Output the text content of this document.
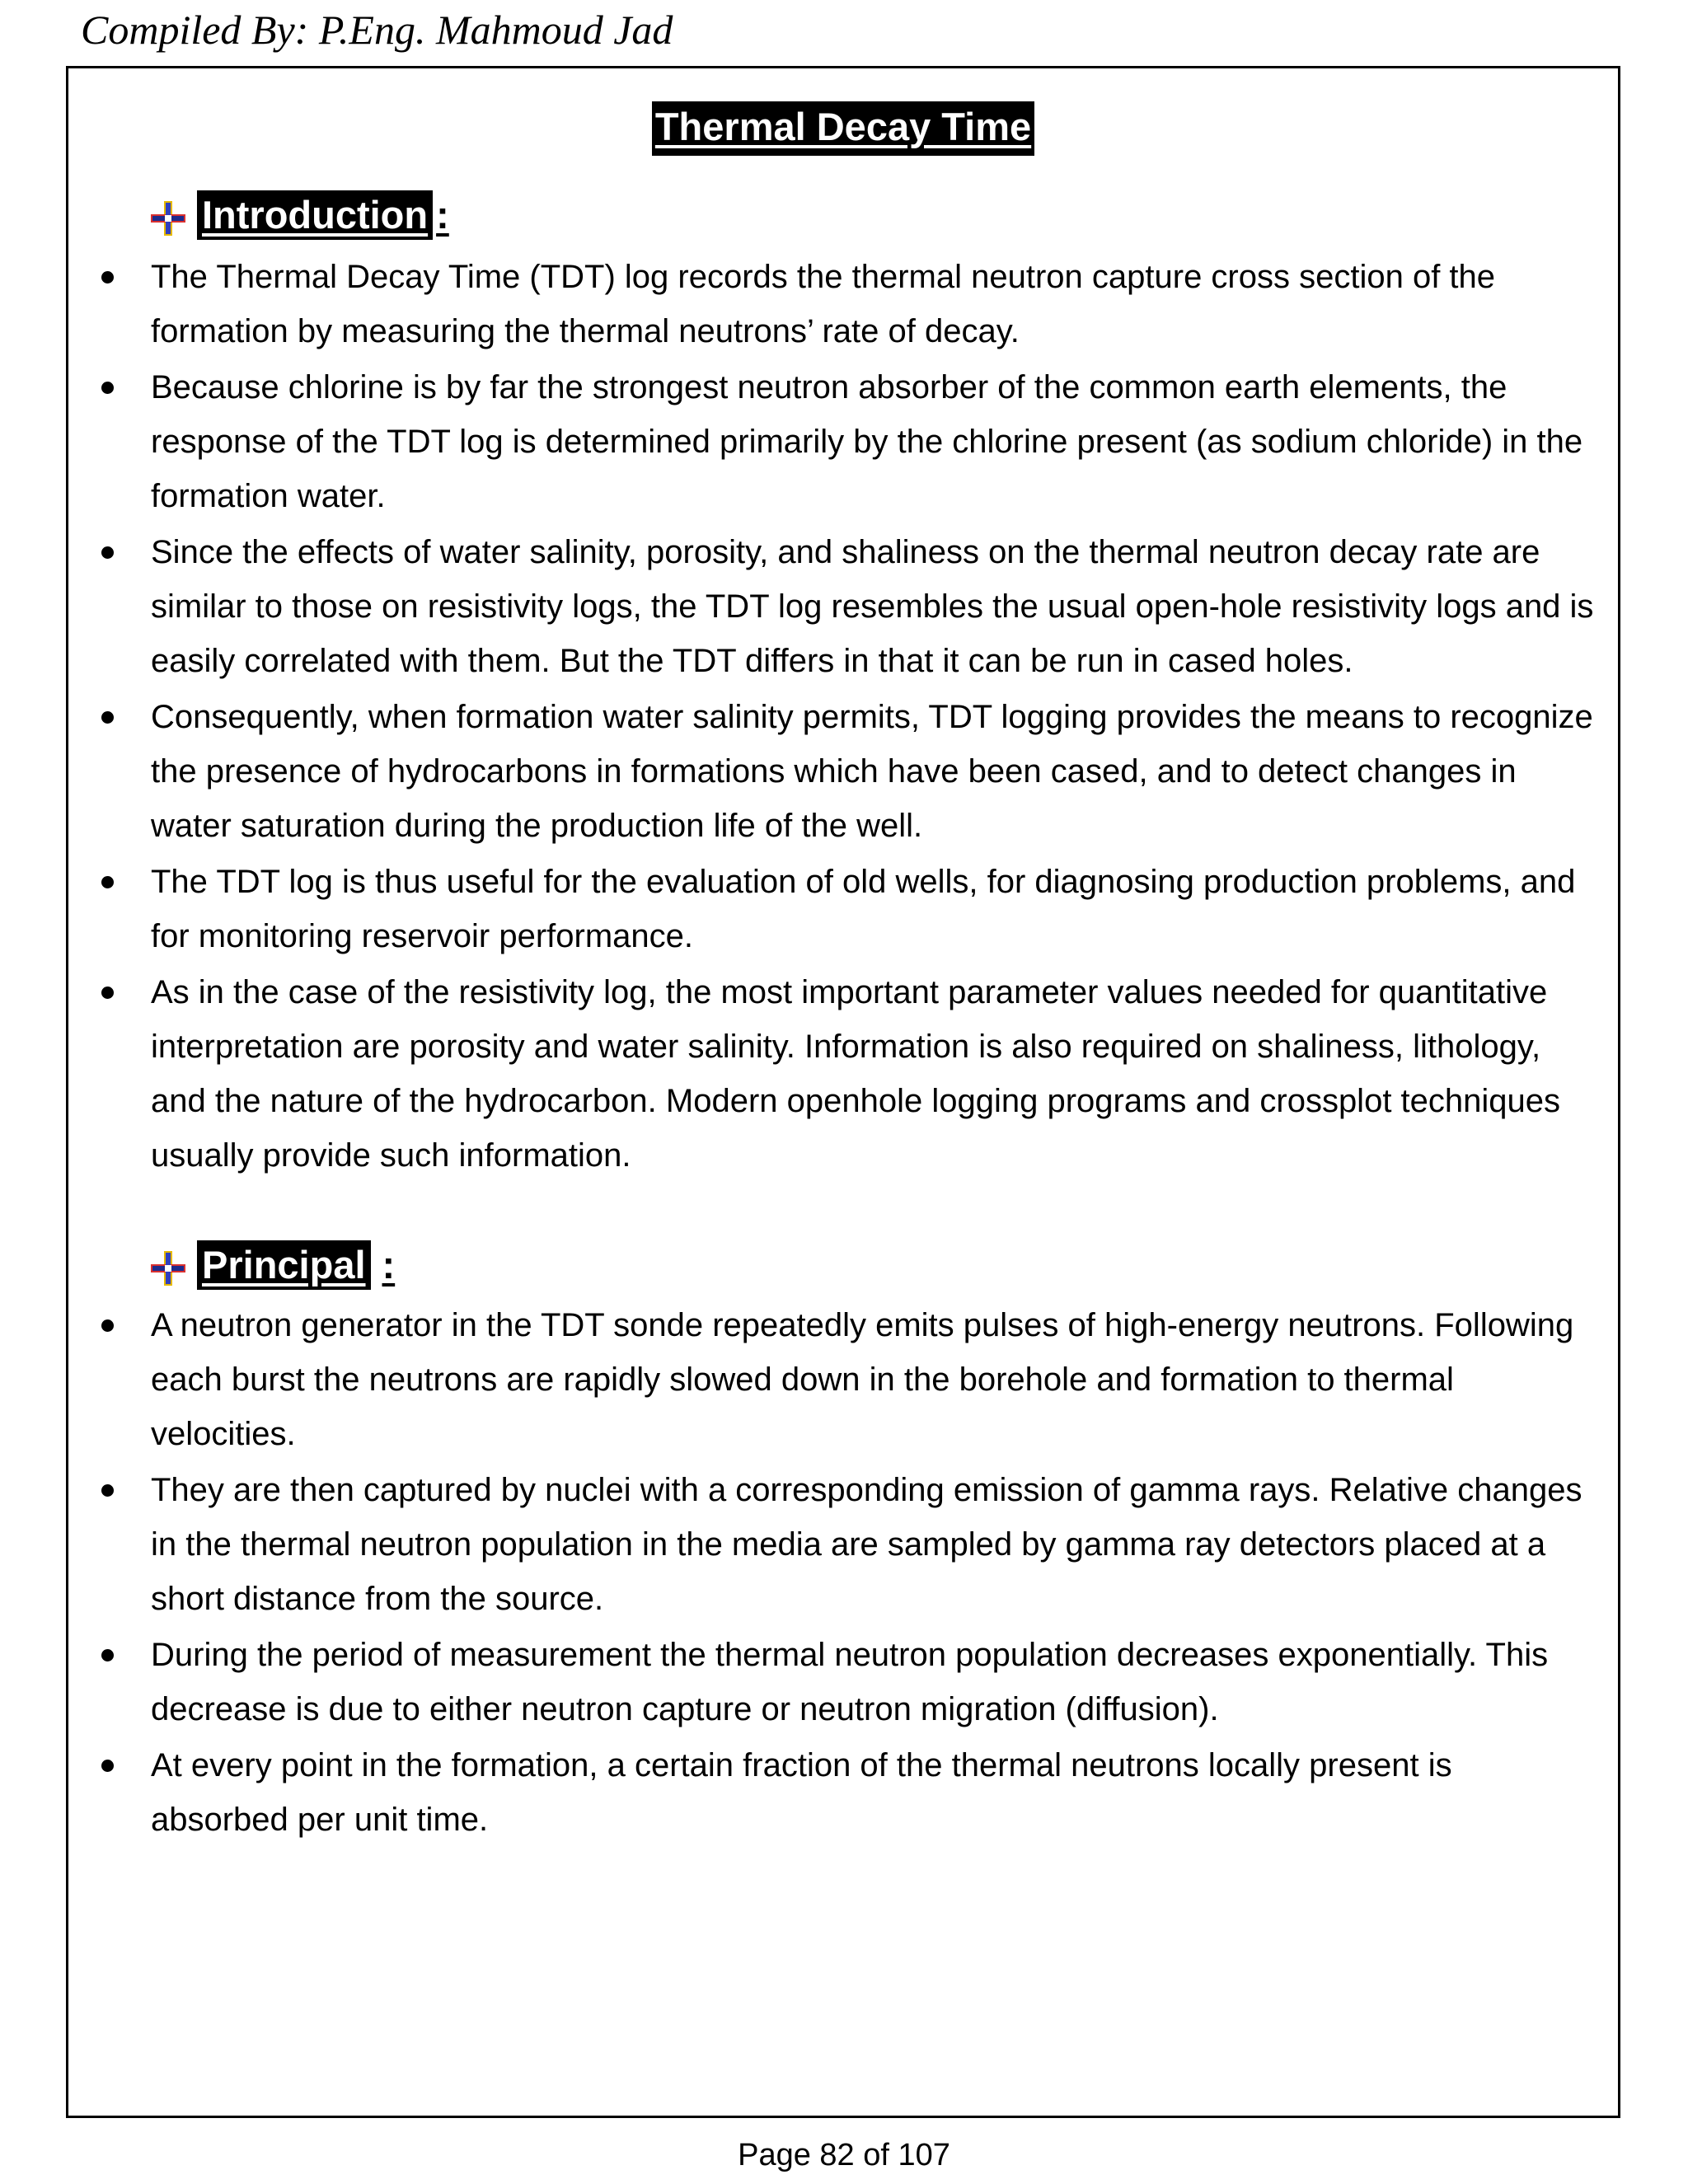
Compiled By: P.Eng. Mahmoud Jad
Thermal Decay Time
Introduction :
The Thermal Decay Time (TDT) log records the thermal neutron capture cross section of the formation by measuring the thermal neutrons’ rate of decay.
Because chlorine is by far the strongest neutron absorber of the common earth elements, the response of the TDT log is determined primarily by the chlorine present (as sodium chloride) in the formation water.
Since the effects of water salinity, porosity, and shaliness on the thermal neutron decay rate are similar to those on resistivity logs, the TDT log resembles the usual open-hole resistivity logs and is easily correlated with them. But the TDT differs in that it can be run in cased holes.
Consequently, when formation water salinity permits, TDT logging provides the means to recognize the presence of hydrocarbons in formations which have been cased, and to detect changes in water saturation during the production life of the well.
The TDT log is thus useful for the evaluation of old wells, for diagnosing production problems, and for monitoring reservoir performance.
As in the case of the resistivity log, the most important parameter values needed for quantitative interpretation are porosity and water salinity. Information is also required on shaliness, lithology, and the nature of the hydrocarbon. Modern openhole logging programs and crossplot techniques usually provide such information.
Principal :
A neutron generator in the TDT sonde repeatedly emits pulses of high-energy neutrons. Following each burst the neutrons are rapidly slowed down in the borehole and formation to thermal velocities.
They are then captured by nuclei with a corresponding emission of gamma rays. Relative changes in the thermal neutron population in the media are sampled by gamma ray detectors placed at a short distance from the source.
During the period of measurement the thermal neutron population decreases exponentially. This decrease is due to either neutron capture or neutron migration (diffusion).
At every point in the formation, a certain fraction of the thermal neutrons locally present is absorbed per unit time.
Page 82 of 107
